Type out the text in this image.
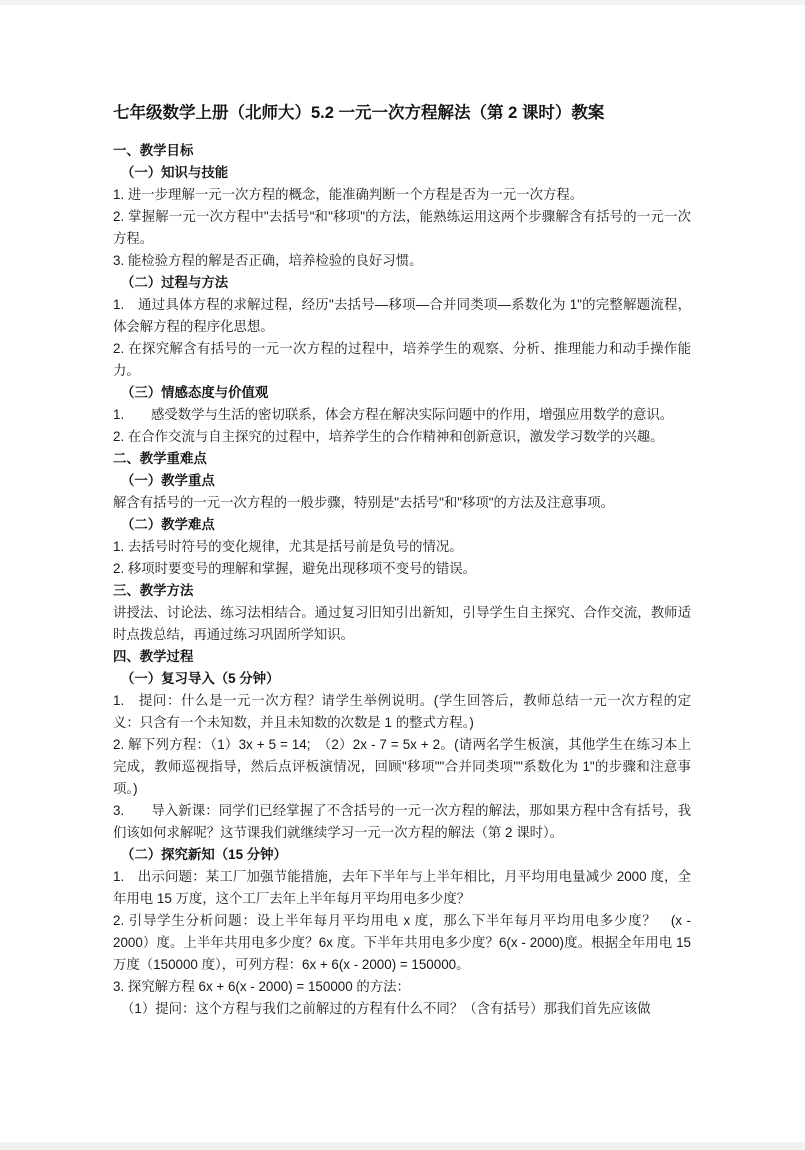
七年级数学上册（北师大）5.2 一元一次方程解法（第 2 课时）教案

一、教学目标

（一）知识与技能

1. 进一步理解一元一次方程的概念，能准确判断一个方程是否为一元一次方程。

2. 掌握解一元一次方程中"去括号"和"移项"的方法，能熟练运用这两个步骤解含有括号的一元一次方程。

3. 能检验方程的解是否正确，培养检验的良好习惯。

（二）过程与方法

1.　通过具体方程的求解过程，经历"去括号—移项—合并同类项—系数化为 1"的完整解题流程，体会解方程的程序化思想。

2. 在探究解含有括号的一元一次方程的过程中，培养学生的观察、分析、推理能力和动手操作能力。

（三）情感态度与价值观

1.　　感受数学与生活的密切联系，体会方程在解决实际问题中的作用，增强应用数学的意识。

2. 在合作交流与自主探究的过程中，培养学生的合作精神和创新意识，激发学习数学的兴趣。

二、教学重难点

（一）教学重点

解含有括号的一元一次方程的一般步骤，特别是"去括号"和"移项"的方法及注意事项。

（二）教学难点

1. 去括号时符号的变化规律，尤其是括号前是负号的情况。

2. 移项时要变号的理解和掌握，避免出现移项不变号的错误。

三、教学方法

讲授法、讨论法、练习法相结合。通过复习旧知引出新知，引导学生自主探究、合作交流，教师适时点拨总结，再通过练习巩固所学知识。

四、教学过程

（一）复习导入（5 分钟）

1.　提问：什么是一元一次方程？请学生举例说明。(学生回答后，教师总结一元一次方程的定义：只含有一个未知数，并且未知数的次数是 1 的整式方程。)

2. 解下列方程：（1）3x + 5 = 14;　（2）2x - 7 = 5x + 2。(请两名学生板演，其他学生在练习本上完成，教师巡视指导，然后点评板演情况，回顾"移项""合并同类项""系数化为 1"的步骤和注意事项。)

3.　　导入新课：同学们已经掌握了不含括号的一元一次方程的解法，那如果方程中含有括号，我们该如何求解呢？这节课我们就继续学习一元一次方程的解法（第 2 课时）。

（二）探究新知（15 分钟）

1.　出示问题：某工厂加强节能措施，去年下半年与上半年相比，月平均用电量减少 2000 度，全年用电 15 万度，这个工厂去年上半年每月平均用电多少度？

2. 引导学生分析问题：设上半年每月平均用电 x 度，那么下半年每月平均用电多少度？　(x - 2000）度。上半年共用电多少度？6x 度。下半年共用电多少度？6(x - 2000)度。根据全年用电 15 万度（150000 度），可列方程：6x + 6(x - 2000) = 150000。

3. 探究解方程 6x + 6(x - 2000) = 150000 的方法：

（1）提问：这个方程与我们之前解过的方程有什么不同？（含有括号）那我们首先应该做
